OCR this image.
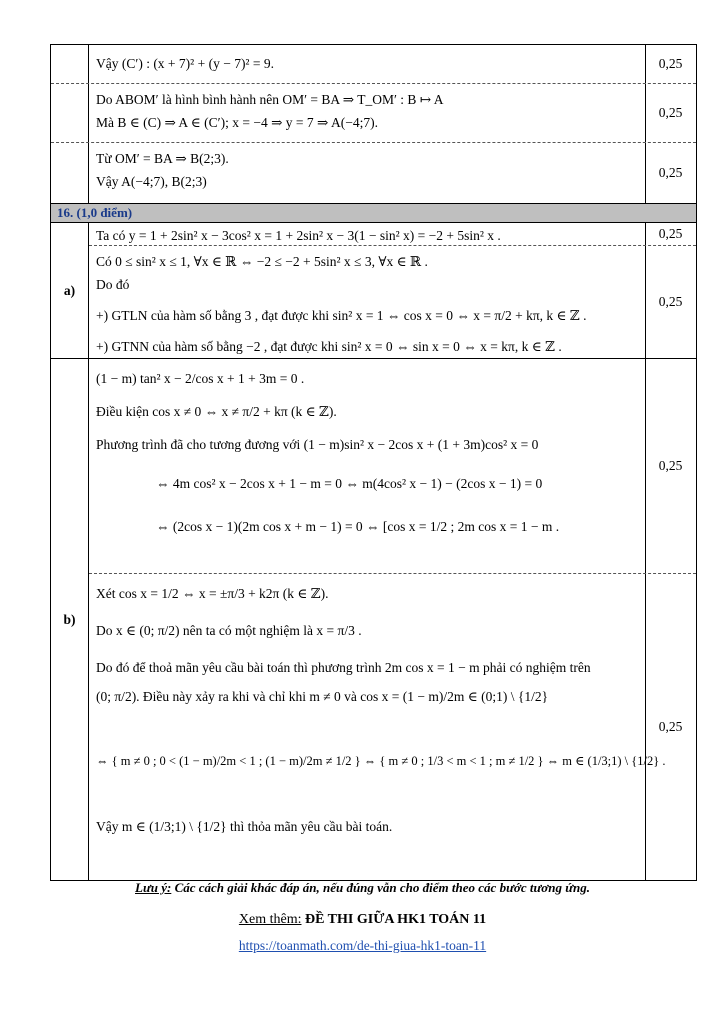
Vậy (C′) : (x + 7)² + (y − 7)² = 9.	0,25
Do ABOM′ là hình bình hành nên OM′ = BA ⇒ T_OM′ : B ↦ A
Mà B ∈ (C) ⇒ A ∈ (C′); x = −4 ⇒ y = 7 ⇒ A(−4;7).
0,25
Từ OM′ = BA ⇒ B(2;3).
Vậy A(−4;7), B(2;3)
0,25
16. (1,0 điểm)
a)
Ta có y = 1 + 2sin² x − 3cos² x = 1 + 2sin² x − 3(1 − sin² x) = −2 + 5sin² x .	0,25
Có 0 ≤ sin² x ≤ 1, ∀x ∈ ℝ ⇔ −2 ≤ −2 + 5sin² x ≤ 3, ∀x ∈ ℝ .
Do đó
+) GTLN của hàm số bằng 3 , đạt được khi sin² x = 1 ⇔ cos x = 0 ⇔ x = π/2 + kπ, k ∈ ℤ .
+) GTNN của hàm số bằng −2 , đạt được khi sin² x = 0 ⇔ sin x = 0 ⇔ x = kπ, k ∈ ℤ .
0,25
b)
(1 − m) tan² x − 2/cos x + 1 + 3m = 0 .
Điều kiện cos x ≠ 0 ⇔ x ≠ π/2 + kπ (k ∈ ℤ).
Phương trình đã cho tương đương với (1 − m)sin² x − 2cos x + (1 + 3m)cos² x = 0
⇔ 4m cos² x − 2cos x + 1 − m = 0 ⇔ m(4cos² x − 1) − (2cos x − 1) = 0
⇔ (2cos x − 1)(2m cos x + m − 1) = 0 ⇔ [cos x = 1/2 ; 2m cos x = 1 − m .
0,25
Xét cos x = 1/2 ⇔ x = ±π/3 + k2π (k ∈ ℤ).
Do x ∈ (0; π/2) nên ta có một nghiệm là x = π/3 .
Do đó để thoả mãn yêu cầu bài toán thì phương trình 2m cos x = 1 − m phải có nghiệm trên
(0; π/2). Điều này xảy ra khi và chỉ khi m ≠ 0 và cos x = (1 − m)/2m ∈ (0;1) \ {1/2}
⇔ { m ≠ 0 ; 0 < (1 − m)/2m < 1 ; (1 − m)/2m ≠ 1/2 } ⇔ { m ≠ 0 ; 1/3 < m < 1 ; m ≠ 1/2 } ⇔ m ∈ (1/3;1) \ {1/2} .
Vậy m ∈ (1/3;1) \ {1/2} thì thỏa mãn yêu cầu bài toán.
0,25
Lưu ý: Các cách giải khác đáp án, nếu đúng vẫn cho điểm theo các bước tương ứng.
Xem thêm: ĐỀ THI GIỮA HK1 TOÁN 11
https://toanmath.com/de-thi-giua-hk1-toan-11
